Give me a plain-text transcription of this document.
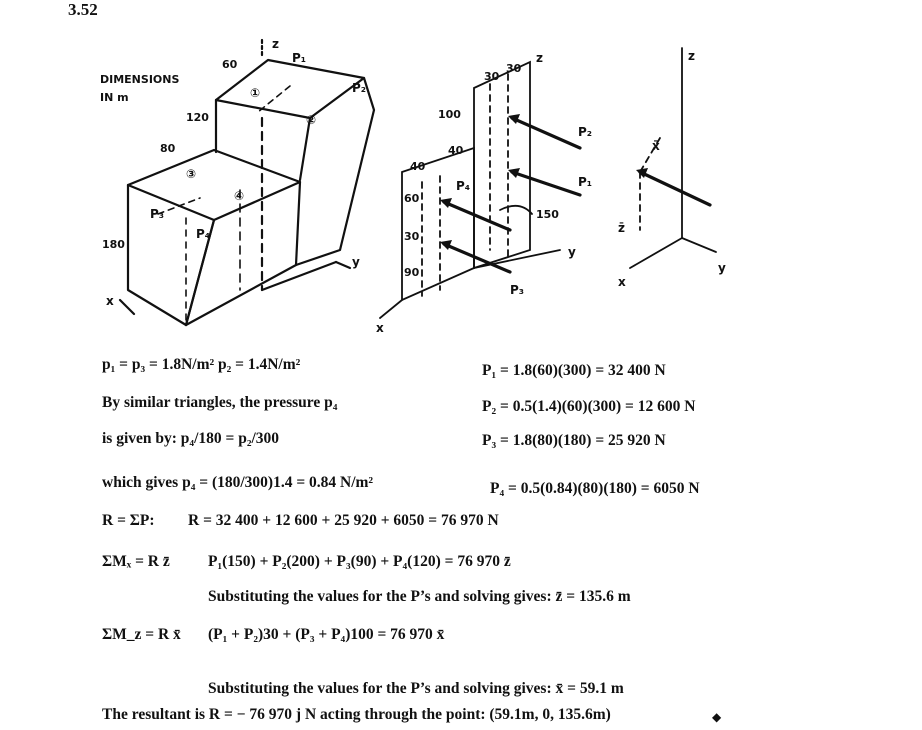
3.52
DIMENSIONS
IN m
60
120
80
180
P₁
P₂
P₃
P₄
①
②
③
④
x
y
z
30
30
z
100
40
40
60
30
90
150
P₂
P₁
P₄
P₃
y
x
z
x̄
z̄
y
x
p₁ = p₃ = 1.8N/m² p₂ = 1.4N/m²	P₁ = 1.8(60)(300) = 32 400 N
By similar triangles, the pressure p₄	P₂ = 0.5(1.4)(60)(300) = 12 600 N
is given by: p₄/180 = p₂/300	P₃ = 1.8(80)(180) = 25 920 N
which gives p₄ = (180/300)1.4 = 0.84 N/m²	P₄ = 0.5(0.84)(80)(180) = 6050 N
R = ΣP: R = 32 400 + 12 600 + 25 920 + 6050 = 76 970 N
ΣMₓ = R z̄ P₁(150) + P₂(200) + P₃(90) + P₄(120) = 76 970 z̄
Substituting the values for the P’s and solving gives: z̄ = 135.6 m
ΣM_z = R x̄ (P₁ + P₂)30 + (P₃ + P₄)100 = 76 970 x̄
Substituting the values for the P’s and solving gives: x̄ = 59.1 m
The resultant is R = − 76 970 j N acting through the point: (59.1m, 0, 135.6m)	◆
